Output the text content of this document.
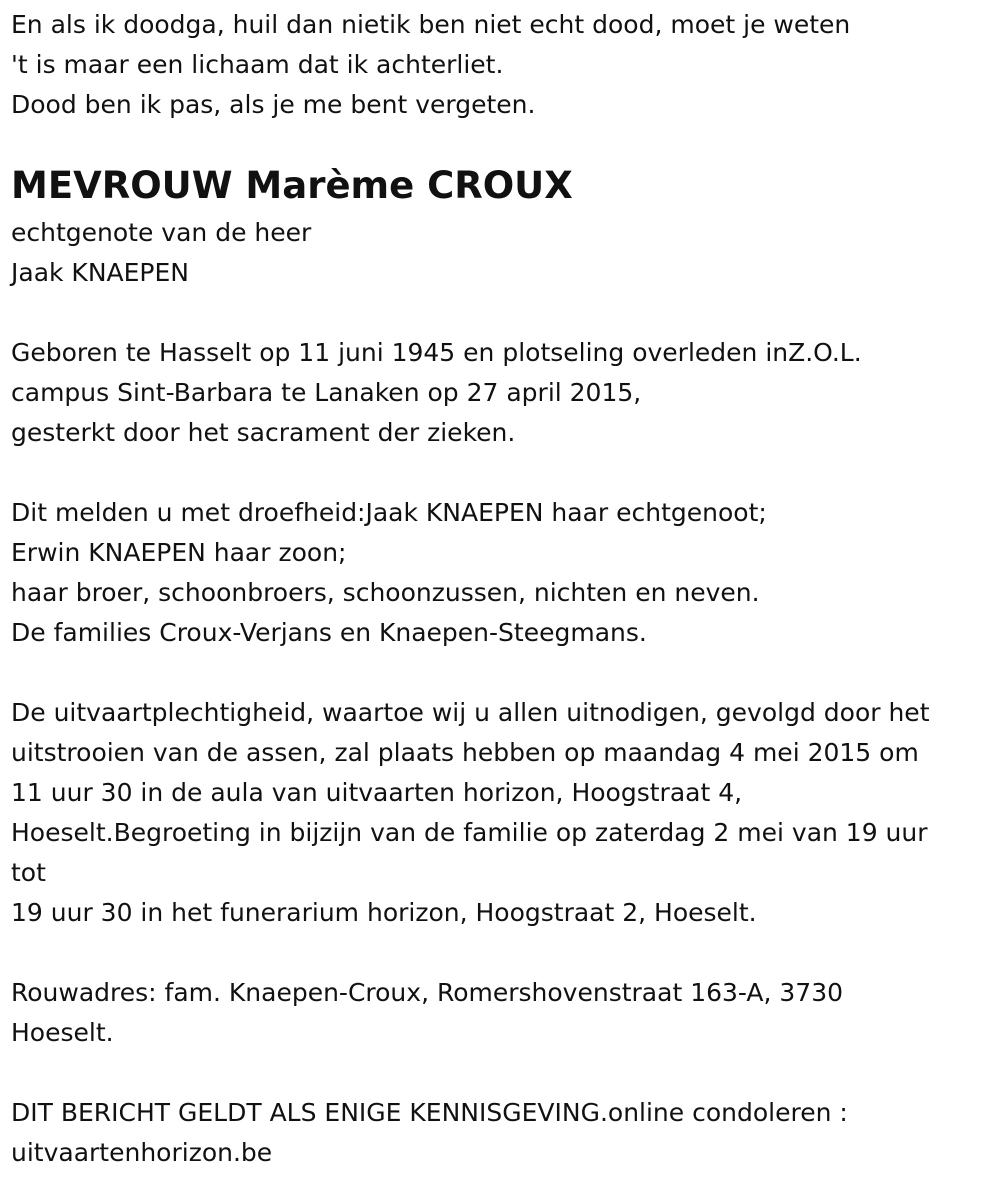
En als ik doodga, huil dan nietik ben niet echt dood, moet je weten
't is maar een lichaam dat ik achterliet.
Dood ben ik pas, als je me bent vergeten.
MEVROUW Marème CROUX
echtgenote van de heer
Jaak KNAEPEN
Geboren te Hasselt op 11 juni 1945 en plotseling overleden inZ.O.L.
campus Sint-Barbara te Lanaken op 27 april 2015,
gesterkt door het sacrament der zieken.
Dit melden u met droefheid:Jaak KNAEPEN haar echtgenoot;
Erwin KNAEPEN haar zoon;
haar broer, schoonbroers, schoonzussen, nichten en neven.
De families Croux-Verjans en Knaepen-Steegmans.
De uitvaartplechtigheid, waartoe wij u allen uitnodigen, gevolgd door het
uitstrooien van de assen, zal plaats hebben op maandag 4 mei 2015 om
11 uur 30 in de aula van uitvaarten horizon, Hoogstraat 4,
Hoeselt.Begroeting in bijzijn van de familie op zaterdag 2 mei van 19 uur
tot
19 uur 30 in het funerarium horizon, Hoogstraat 2, Hoeselt.
Rouwadres: fam. Knaepen-Croux, Romershovenstraat 163-A, 3730
Hoeselt.
DIT BERICHT GELDT ALS ENIGE KENNISGEVING.online condoleren :
uitvaartenhorizon.be
